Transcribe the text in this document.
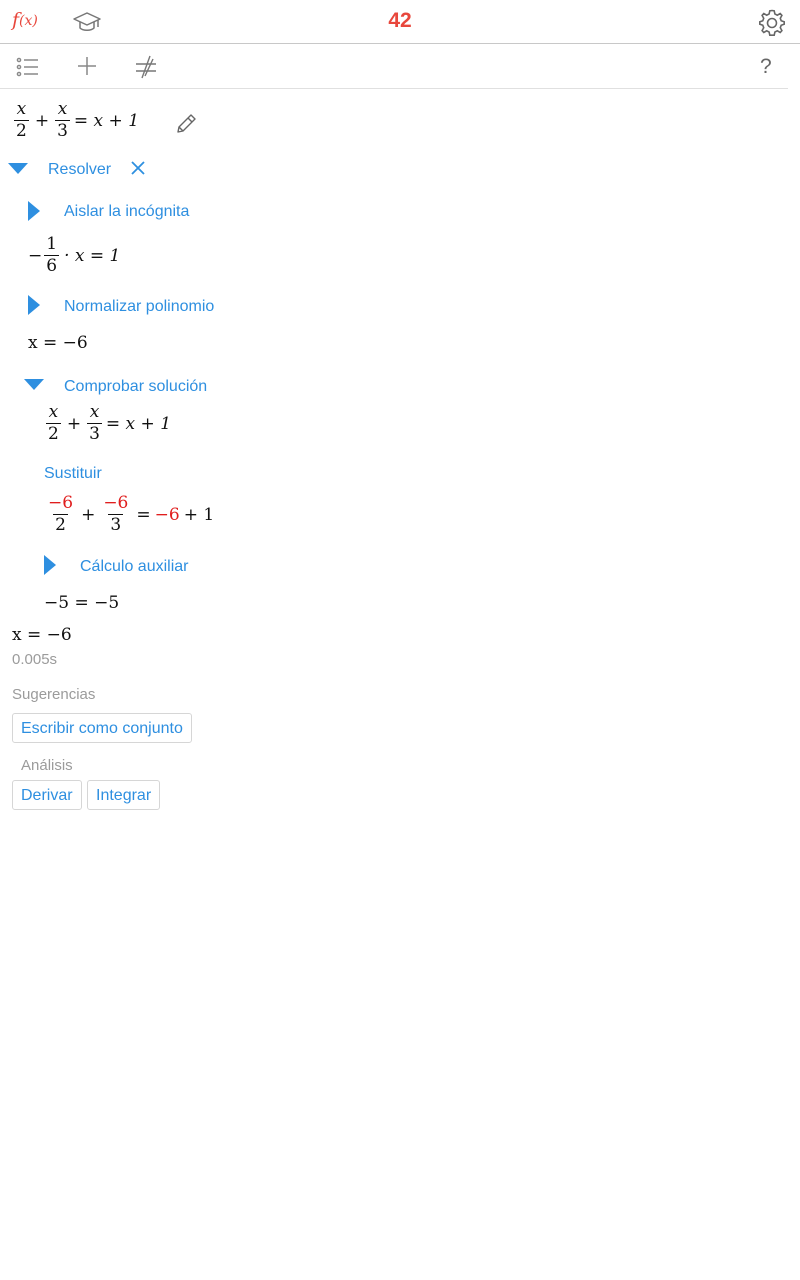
f(x)	42
?
$\frac{x}{2} + \frac{x}{3} = x + 1$
Resolver
Aislar la incógnita
− $\frac{1}{6} \cdot x = 1$
Normalizar polinomio
x = −6
Comprobar solución
$\frac{x}{2} + \frac{x}{3} = x + 1$
Sustituir
$\frac{-6}{2} + \frac{-6}{3} = -6 + 1$
Cálculo auxiliar
−5 = −5
x = −6
0.005s
Sugerencias
Escribir como conjunto
Análisis
Derivar	Integrar
